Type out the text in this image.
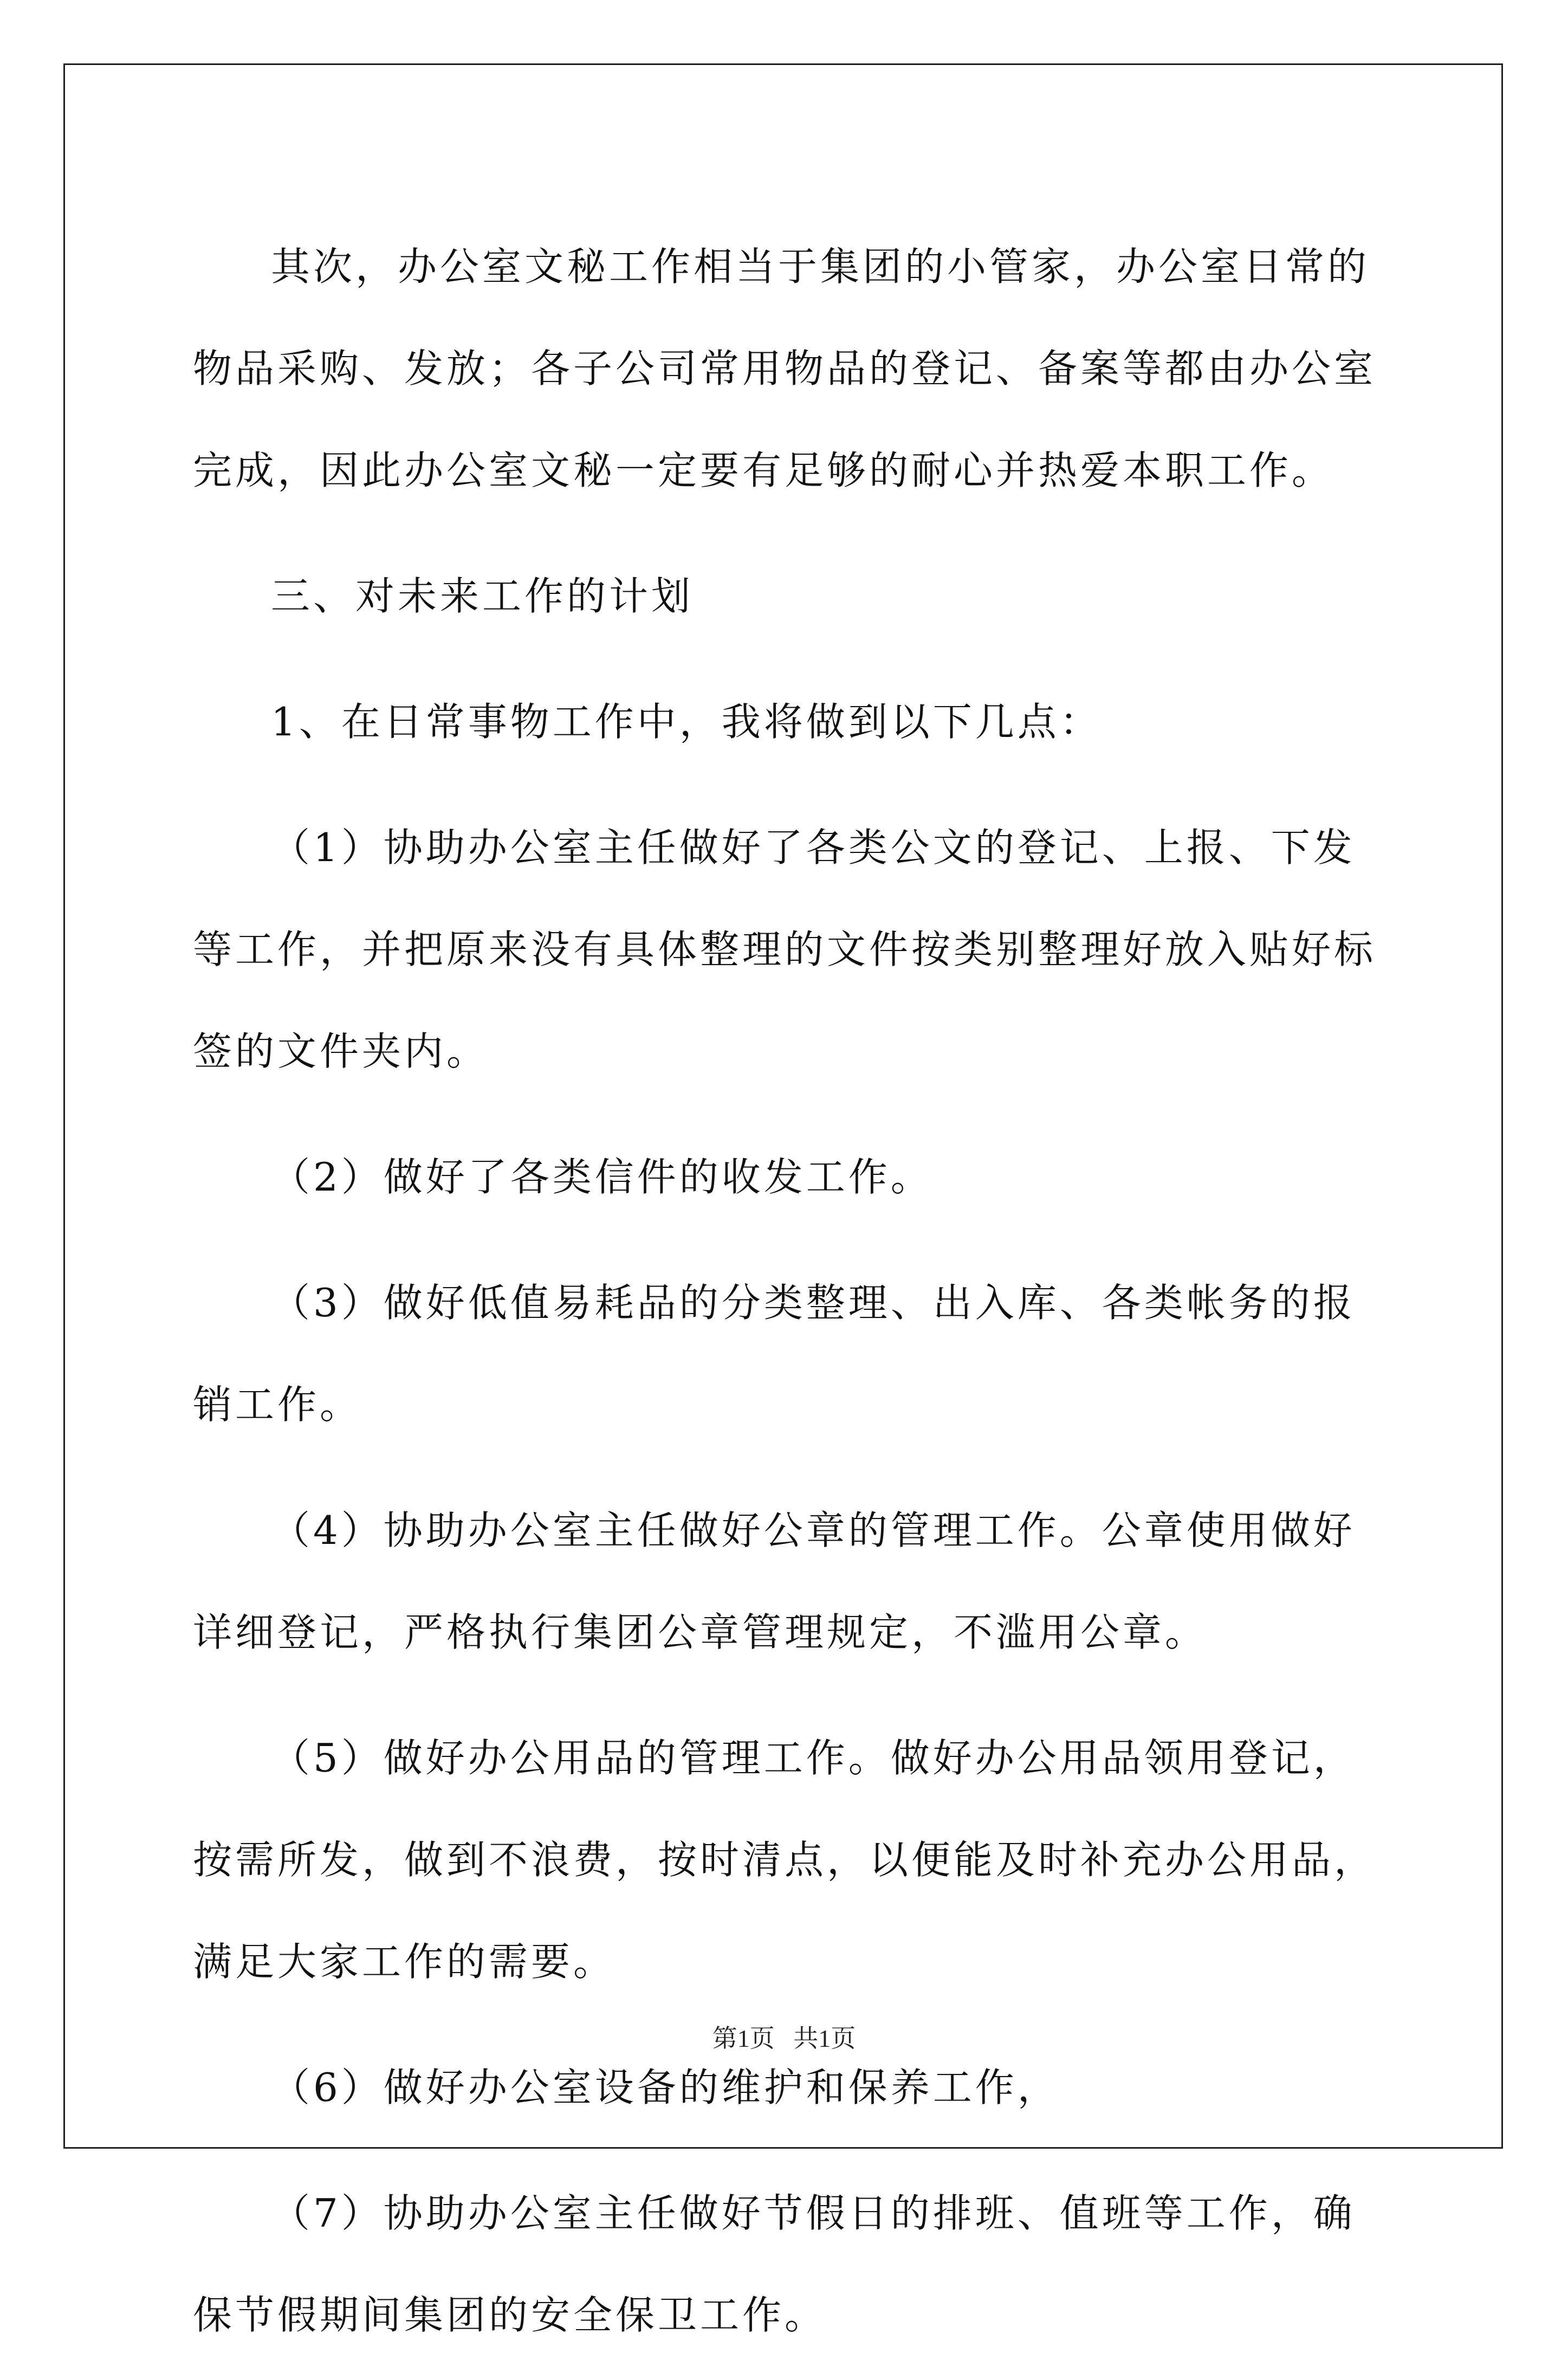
其次，办公室文秘工作相当于集团的小管家，办公室日常的物品采购、发放；各子公司常用物品的登记、备案等都由办公室完成，因此办公室文秘一定要有足够的耐心并热爱本职工作。

三、对未来工作的计划

1、在日常事物工作中，我将做到以下几点：

（1）协助办公室主任做好了各类公文的登记、上报、下发等工作，并把原来没有具体整理的文件按类别整理好放入贴好标签的文件夹内。

（2）做好了各类信件的收发工作。

（3）做好低值易耗品的分类整理、出入库、各类帐务的报销工作。

（4）协助办公室主任做好公章的管理工作。公章使用做好详细登记，严格执行集团公章管理规定，不滥用公章。

（5）做好办公用品的管理工作。做好办公用品领用登记，按需所发，做到不浪费，按时清点，以便能及时补充办公用品，满足大家工作的需要。

（6）做好办公室设备的维护和保养工作，

（7）协助办公室主任做好节假日的排班、值班等工作，确保节假期间集团的安全保卫工作。

第1页   共1页
